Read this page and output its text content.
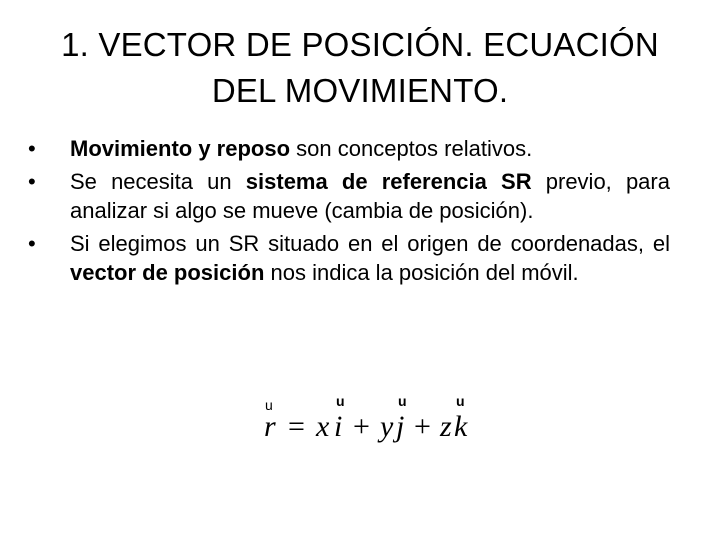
1. VECTOR DE POSICIÓN. ECUACIÓN
DEL MOVIMIENTO.
•	Movimiento y reposo son conceptos relativos.
•	Se necesita un sistema de referencia SR previo, para analizar si algo se mueve (cambia de posición).
•	Si elegimos un SR situado en el origen de coordenadas, el vector de posición nos indica la posición del móvil.
u	u	u	u
r = x i + y j + z k
